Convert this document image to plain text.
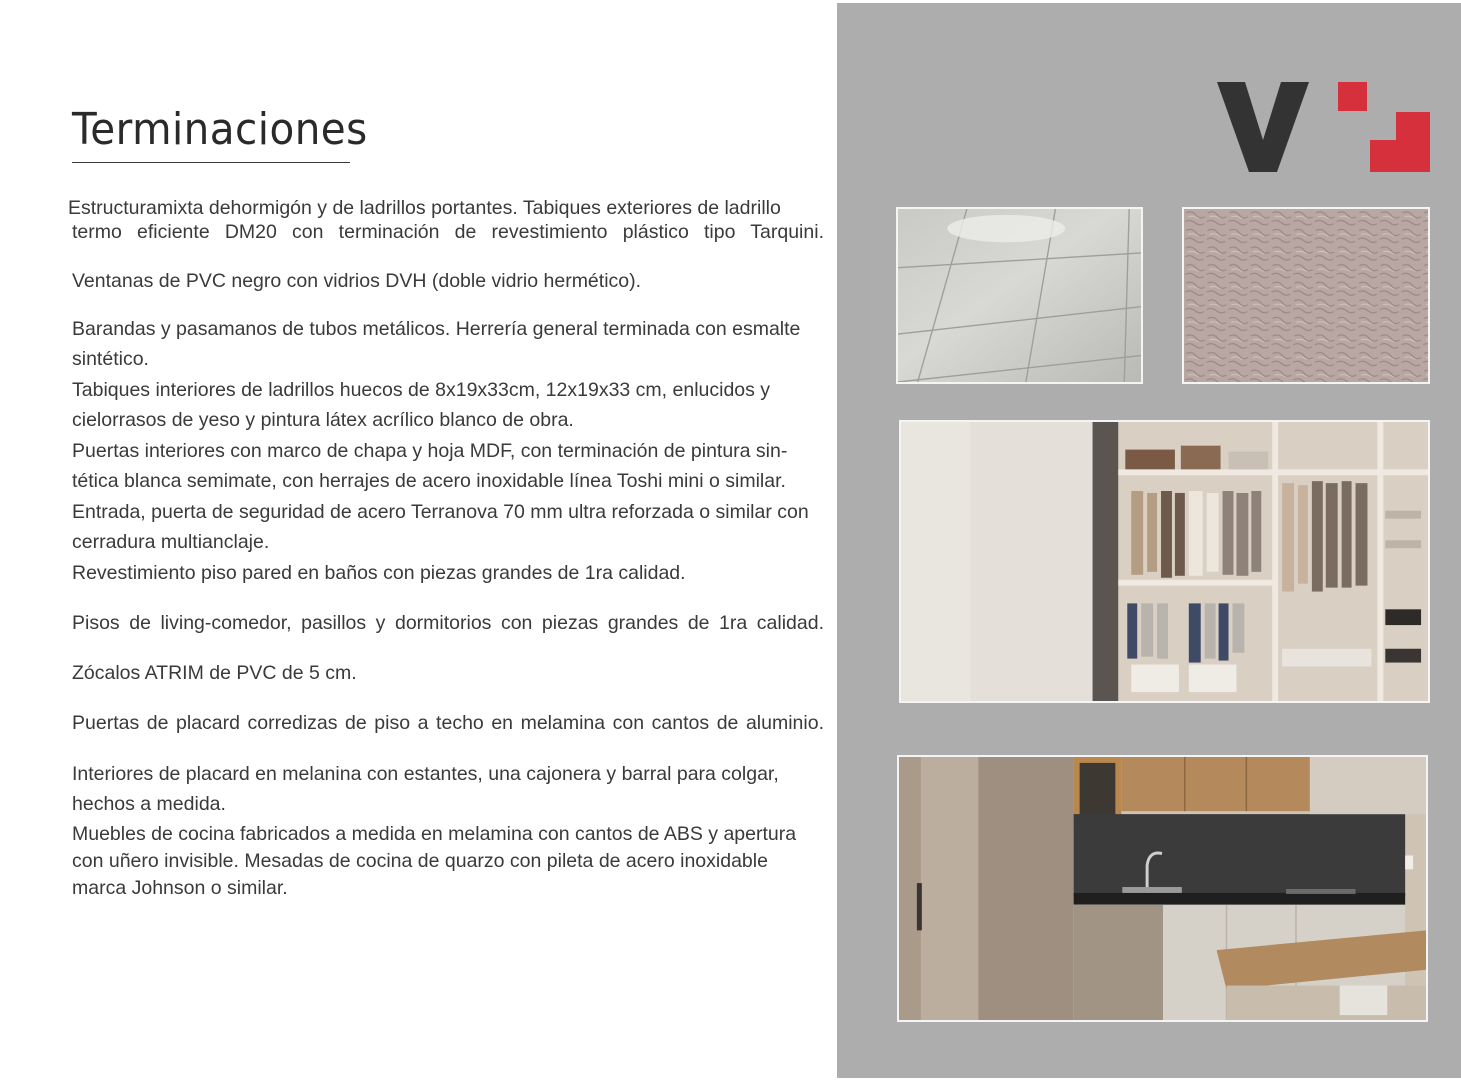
Terminaciones

Estructuramixta dehormigón y de ladrillos portantes. Tabiques exteriores de ladrillo

termo eficiente DM20 con terminación de revestimiento plástico tipo Tarquini.

Ventanas de PVC negro con vidrios DVH (doble vidrio hermético).

Barandas y pasamanos de tubos metálicos. Herrería general terminada con esmalte sintético.

Tabiques interiores de ladrillos huecos de 8x19x33cm, 12x19x33 cm, enlucidos y cielorrasos de yeso y pintura látex acrílico blanco de obra.

Puertas interiores con marco de chapa y hoja MDF, con terminación de pintura sin-tética blanca semimate, con herrajes de acero inoxidable línea Toshi mini o similar.

Entrada, puerta de seguridad de acero Terranova 70 mm ultra reforzada o similar con cerradura multianclaje.

Revestimiento piso pared en baños con piezas grandes de 1ra calidad.

Pisos de living-comedor, pasillos y dormitorios con piezas grandes de 1ra calidad.

Zócalos ATRIM de PVC de 5 cm.

Puertas de placard corredizas de piso a techo en melamina con cantos de aluminio.

Interiores de placard en melanina con estantes, una cajonera y barral para colgar, hechos a medida.

Muebles de cocina fabricados a medida en melamina con cantos de ABS y apertura con uñero invisible. Mesadas de cocina de quarzo con pileta de acero inoxidable marca Johnson o similar.
